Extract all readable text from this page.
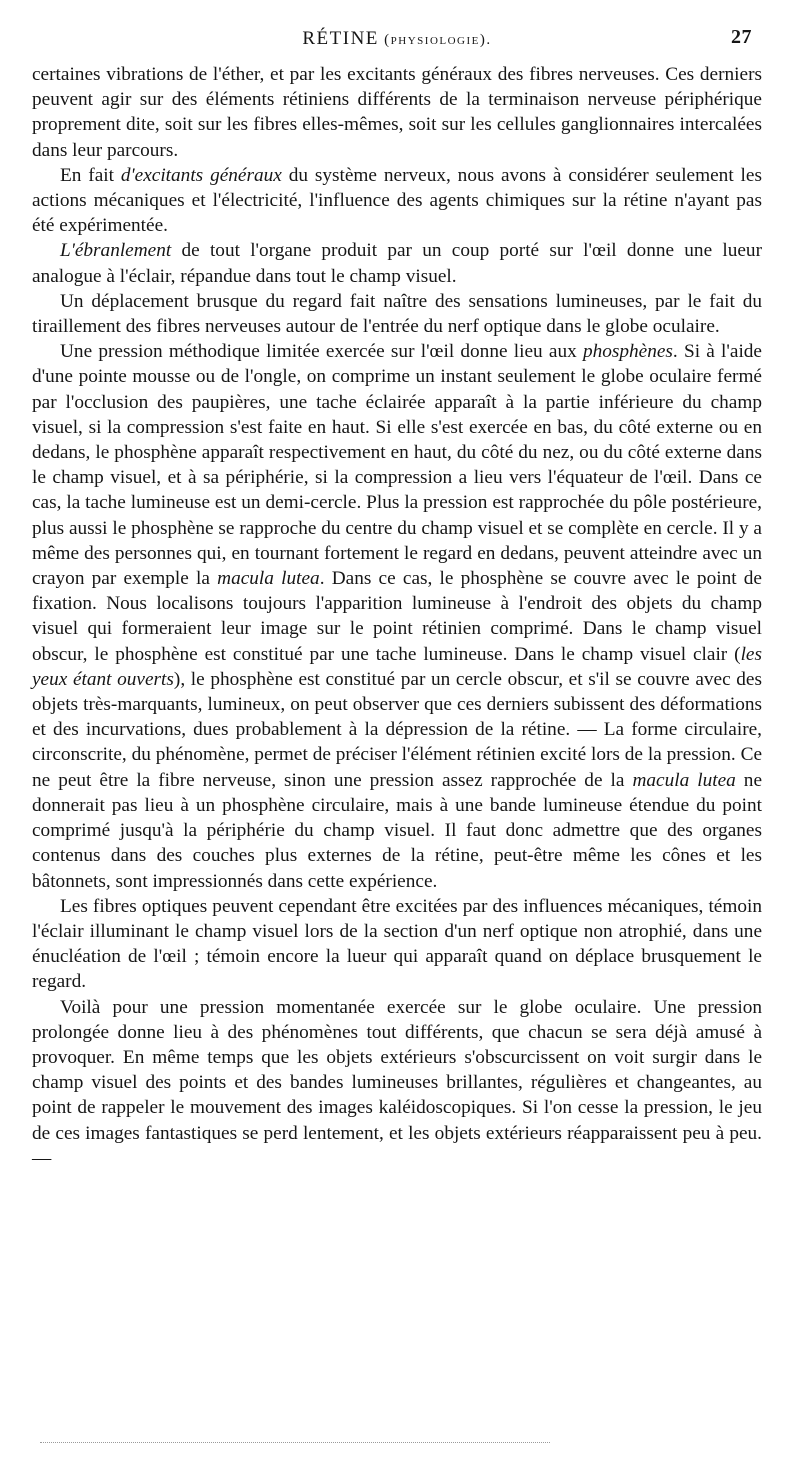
RÉTINE (physiologie).	27

certaines vibrations de l'éther, et par les excitants généraux des fibres nerveuses. Ces derniers peuvent agir sur des éléments rétiniens différents de la terminaison nerveuse périphérique proprement dite, soit sur les fibres elles-mêmes, soit sur les cellules ganglionnaires intercalées dans leur parcours.

En fait d'excitants généraux du système nerveux, nous avons à considérer seulement les actions mécaniques et l'électricité, l'influence des agents chimiques sur la rétine n'ayant pas été expérimentée.

L'ébranlement de tout l'organe produit par un coup porté sur l'œil donne une lueur analogue à l'éclair, répandue dans tout le champ visuel.

Un déplacement brusque du regard fait naître des sensations lumineuses, par le fait du tiraillement des fibres nerveuses autour de l'entrée du nerf optique dans le globe oculaire.

Une pression méthodique limitée exercée sur l'œil donne lieu aux phosphènes. Si à l'aide d'une pointe mousse ou de l'ongle, on comprime un instant seulement le globe oculaire fermé par l'occlusion des paupières, une tache éclairée apparaît à la partie inférieure du champ visuel, si la compression s'est faite en haut. Si elle s'est exercée en bas, du côté externe ou en dedans, le phosphène apparaît respectivement en haut, du côté du nez, ou du côté externe dans le champ visuel, et à sa périphérie, si la compression a lieu vers l'équateur de l'œil. Dans ce cas, la tache lumineuse est un demi-cercle. Plus la pression est rapprochée du pôle postérieure, plus aussi le phosphène se rapproche du centre du champ visuel et se complète en cercle. Il y a même des personnes qui, en tournant fortement le regard en dedans, peuvent atteindre avec un crayon par exemple la macula lutea. Dans ce cas, le phosphène se couvre avec le point de fixation. Nous localisons toujours l'apparition lumineuse à l'endroit des objets du champ visuel qui formeraient leur image sur le point rétinien comprimé. Dans le champ visuel obscur, le phosphène est constitué par une tache lumineuse. Dans le champ visuel clair (les yeux étant ouverts), le phosphène est constitué par un cercle obscur, et s'il se couvre avec des objets très-marquants, lumineux, on peut observer que ces derniers subissent des déformations et des incurvations, dues probablement à la dépression de la rétine. — La forme circulaire, circonscrite, du phénomène, permet de préciser l'élément rétinien excité lors de la pression. Ce ne peut être la fibre nerveuse, sinon une pression assez rapprochée de la macula lutea ne donnerait pas lieu à un phosphène circulaire, mais à une bande lumineuse étendue du point comprimé jusqu'à la périphérie du champ visuel. Il faut donc admettre que des organes contenus dans des couches plus externes de la rétine, peut-être même les cônes et les bâtonnets, sont impressionnés dans cette expérience.

Les fibres optiques peuvent cependant être excitées par des influences mécaniques, témoin l'éclair illuminant le champ visuel lors de la section d'un nerf optique non atrophié, dans une énucléation de l'œil ; témoin encore la lueur qui apparaît quand on déplace brusquement le regard.

Voilà pour une pression momentanée exercée sur le globe oculaire. Une pression prolongée donne lieu à des phénomènes tout différents, que chacun se sera déjà amusé à provoquer. En même temps que les objets extérieurs s'obscurcissent on voit surgir dans le champ visuel des points et des bandes lumineuses brillantes, régulières et changeantes, au point de rappeler le mouvement des images kaléidoscopiques. Si l'on cesse la pression, le jeu de ces images fantastiques se perd lentement, et les objets extérieurs réapparaissent peu à peu. —
